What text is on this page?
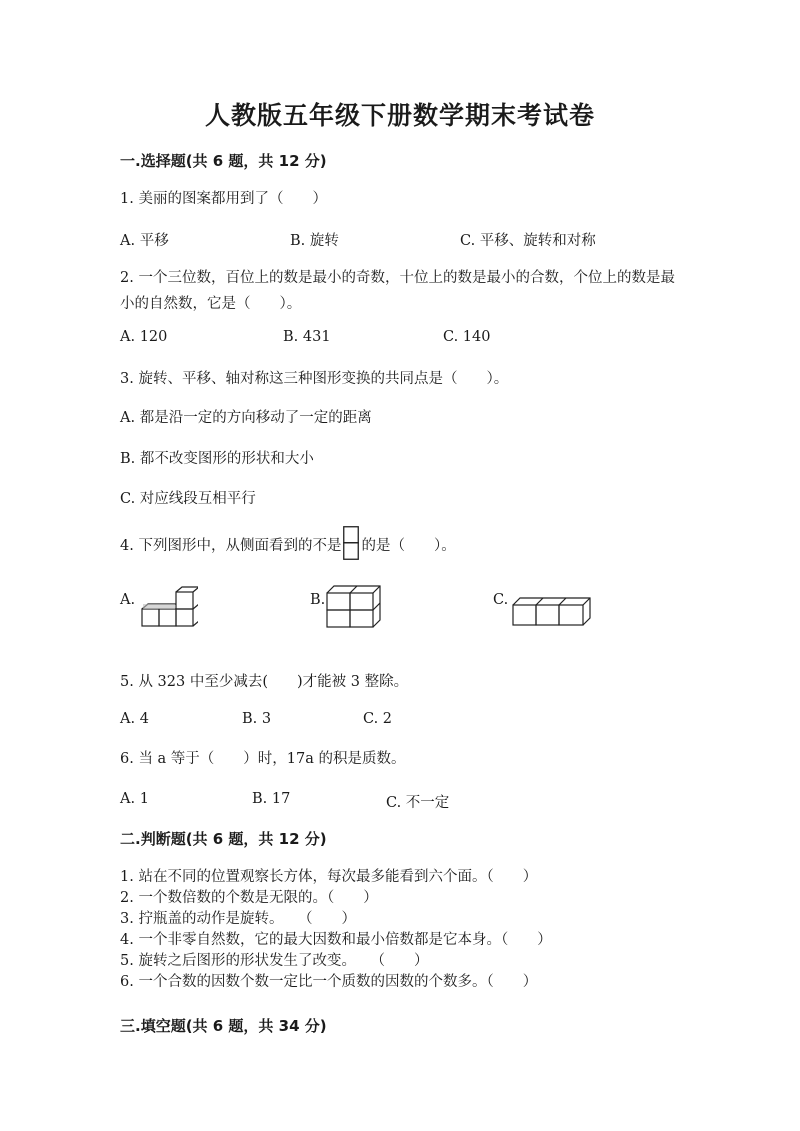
人教版五年级下册数学期末考试卷
一.选择题(共 6 题，共 12 分)
1. 美丽的图案都用到了（　　）
A. 平移	B. 旋转	C. 平移、旋转和对称
2. 一个三位数，百位上的数是最小的奇数，十位上的数是最小的合数，个位上的数是最小的自然数，它是（　　）。
A. 120	B. 431	C. 140
3. 旋转、平移、轴对称这三种图形变换的共同点是（　　）。
A. 都是沿一定的方向移动了一定的距离
B. 都不改变图形的形状和大小
C. 对应线段互相平行
4. 下列图形中，从侧面看到的不是 的是（　　）。
A.	B.	C.
5. 从 323 中至少减去(　　)才能被 3 整除。
A. 4	B. 3	C. 2
6. 当 a 等于（　　）时，17a 的积是质数。
A. 1	B. 17	C. 不一定
二.判断题(共 6 题，共 12 分)
1. 站在不同的位置观察长方体，每次最多能看到六个面。（　　）
2. 一个数倍数的个数是无限的。（　　）
3. 拧瓶盖的动作是旋转。　　（　　）
4. 一个非零自然数，它的最大因数和最小倍数都是它本身。（　　）
5. 旋转之后图形的形状发生了改变。　　（　　）
6. 一个合数的因数个数一定比一个质数的因数的个数多。（　　）
三.填空题(共 6 题，共 34 分)
